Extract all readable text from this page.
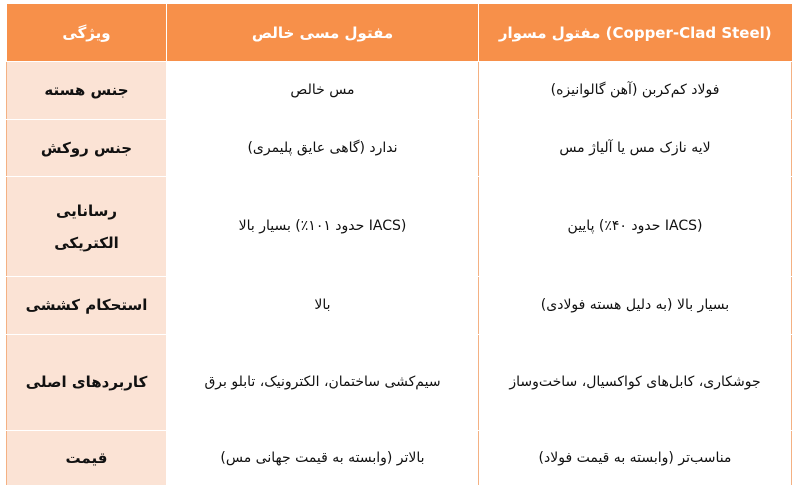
ویژگی	مفتول مسی خالص	(Copper-Clad Steel) مفتول مسوار
جنس هسته	مس خالص	فولاد کم‌کربن (آهن گالوانیزه)
جنس روکش	ندارد (گاهی عایق پلیمری)	لایه نازک مس یا آلیاژ مس

رسانایی
الکتریکی	(IACS حدود ۱۰۱٪) بسیار بالا	(IACS حدود ۴۰٪) پایین
استحکام کششی	بالا	بسیار بالا (به دلیل هسته فولادی)
کاربردهای اصلی	سیم‌کشی ساختمان، الکترونیک، تابلو برق	جوشکاری، کابل‌های کواکسیال، ساخت‌وساز
قیمت	بالاتر (وابسته به قیمت جهانی مس)	مناسب‌تر (وابسته به قیمت فولاد)
